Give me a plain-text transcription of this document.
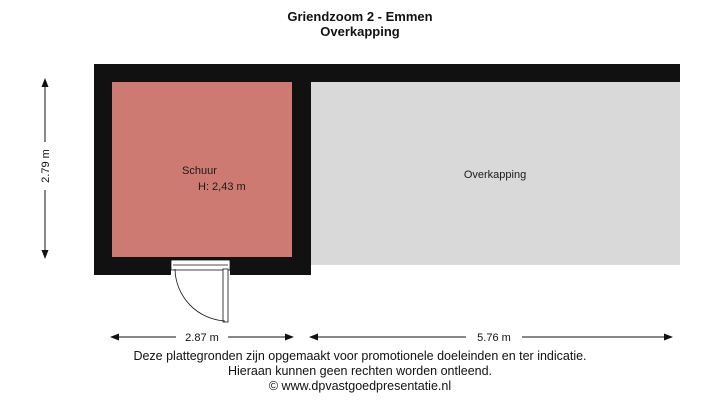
Griendzoom 2 - Emmen
Overkapping
Schuur
H: 2,43 m
Overkapping
2.79 m
2.87 m	5.76 m
Deze plattegronden zijn opgemaakt voor promotionele doeleinden en ter indicatie.
Hieraan kunnen geen rechten worden ontleend.
© www.dpvastgoedpresentatie.nl
